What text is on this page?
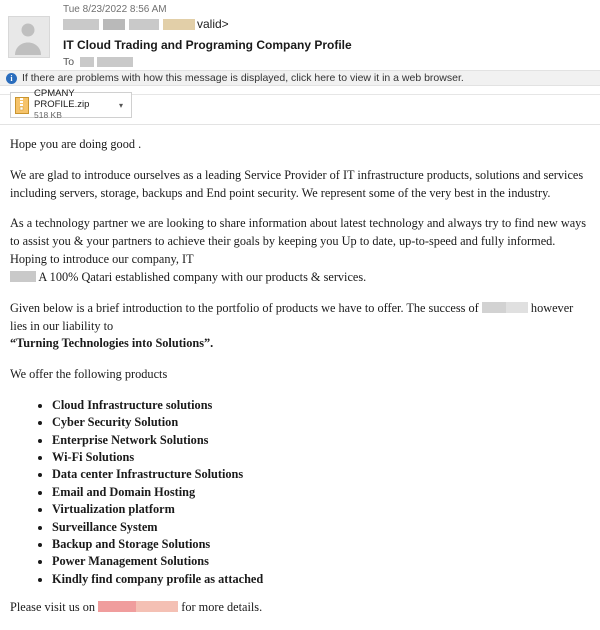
Tue 8/23/2022 8:56 AM
valid>
IT Cloud Trading and Programing Company Profile
To
i If there are problems with how this message is displayed, click here to view it in a web browser.
CPMANY PROFILE.zip
518 KB
▾

Hope you are doing good .

We are glad to introduce ourselves as a leading Service Provider of IT infrastructure products, solutions and services including servers, storage, backups and End point security. We represent some of the very best in the industry.

As a technology partner we are looking to share information about latest technology and always try to find new ways to assist you & your partners to achieve their goals by keeping you Up to date, up-to-speed and fully informed. Hoping to introduce our company, IT
A 100% Qatari established company with our products & services.

Given below is a brief introduction to the portfolio of products we have to offer. The success of	however lies in our liability to
“Turning Technologies into Solutions”.

We offer the following products

• Cloud Infrastructure solutions
• Cyber Security Solution
• Enterprise Network Solutions
• Wi-Fi Solutions
• Data center Infrastructure Solutions
• Email and Domain Hosting
• Virtualization platform
• Surveillance System
• Backup and Storage Solutions
• Power Management Solutions
• Kindly find company profile as attached

Please visit us on	for more details.
